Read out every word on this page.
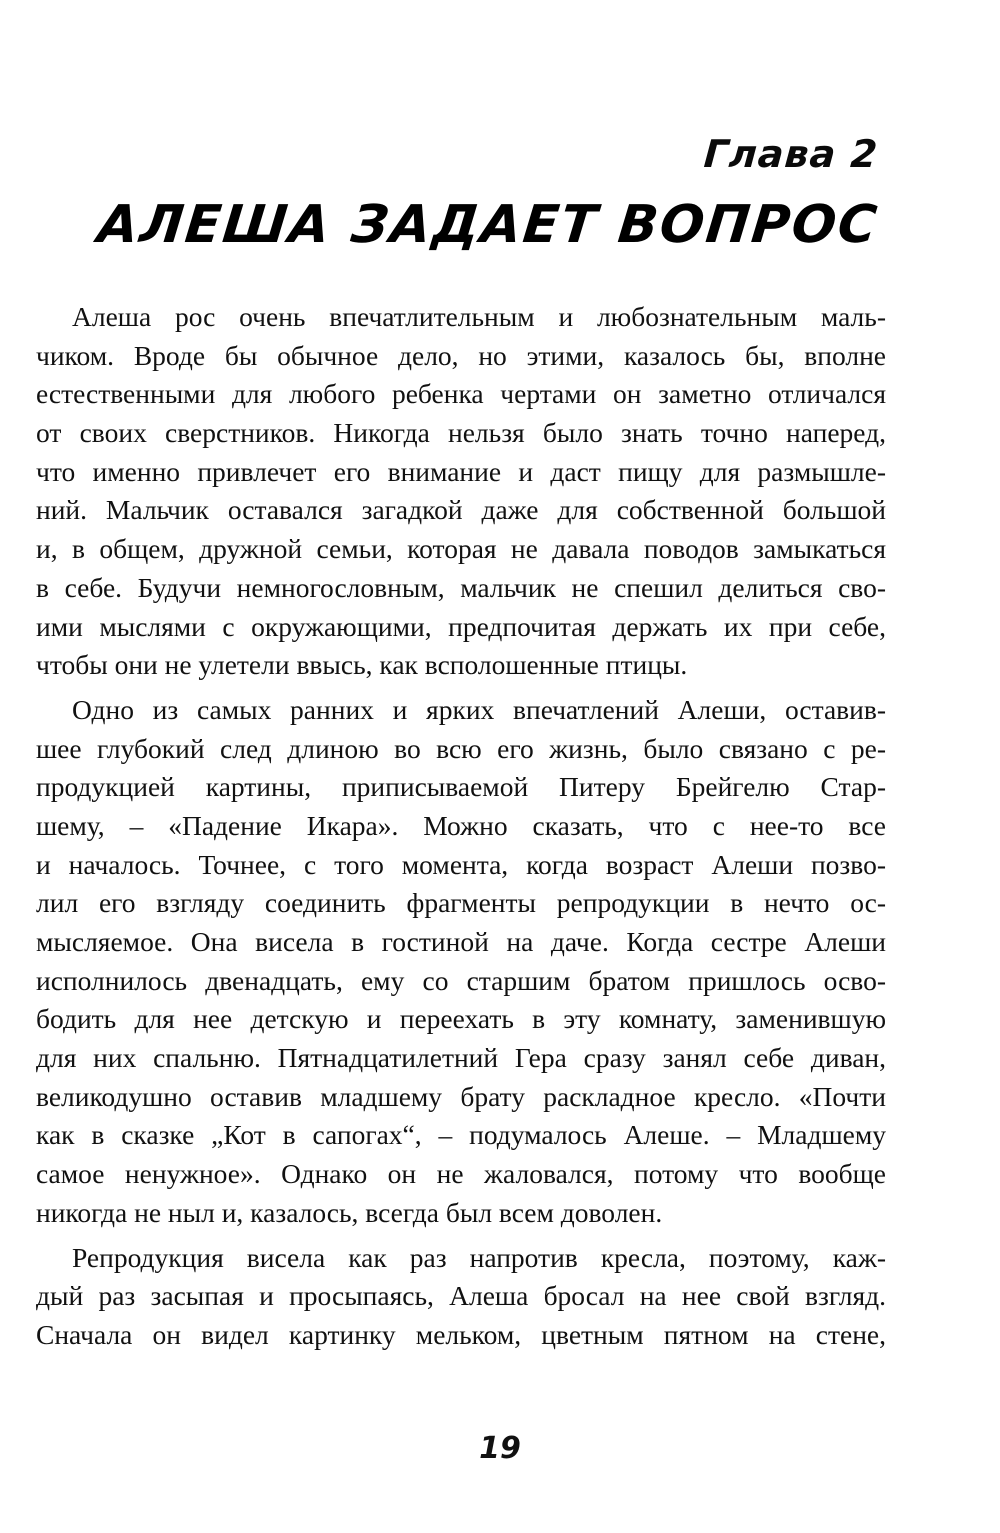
Глава 2
АЛЕША ЗАДАЕТ ВОПРОС
Алеша рос очень впечатлительным и любознательным маль-
чиком. Вроде бы обычное дело, но этими, казалось бы, вполне
естественными для любого ребенка чертами он заметно отличался
от своих сверстников. Никогда нельзя было знать точно наперед,
что именно привлечет его внимание и даст пищу для размышле-
ний. Мальчик оставался загадкой даже для собственной большой
и, в общем, дружной семьи, которая не давала поводов замыкаться
в себе. Будучи немногословным, мальчик не спешил делиться сво-
ими мыслями с окружающими, предпочитая держать их при себе,
чтобы они не улетели ввысь, как всполошенные птицы.
Одно из самых ранних и ярких впечатлений Алеши, оставив-
шее глубокий след длиною во всю его жизнь, было связано с ре-
продукцией картины, приписываемой Питеру Брейгелю Стар-
шему, – «Падение Икара». Можно сказать, что с нее-то все
и началось. Точнее, с того момента, когда возраст Алеши позво-
лил его взгляду соединить фрагменты репродукции в нечто ос-
мысляемое. Она висела в гостиной на даче. Когда сестре Алеши
исполнилось двенадцать, ему со старшим братом пришлось осво-
бодить для нее детскую и переехать в эту комнату, заменившую
для них спальню. Пятнадцатилетний Гера сразу занял себе диван,
великодушно оставив младшему брату раскладное кресло. «Почти
как в сказке „Кот в сапогах“, – подумалось Алеше. – Младшему
самое ненужное». Однако он не жаловался, потому что вообще
никогда не ныл и, казалось, всегда был всем доволен.
Репродукция висела как раз напротив кресла, поэтому, каж-
дый раз засыпая и просыпаясь, Алеша бросал на нее свой взгляд.
Сначала он видел картинку мельком, цветным пятном на стене,
19
